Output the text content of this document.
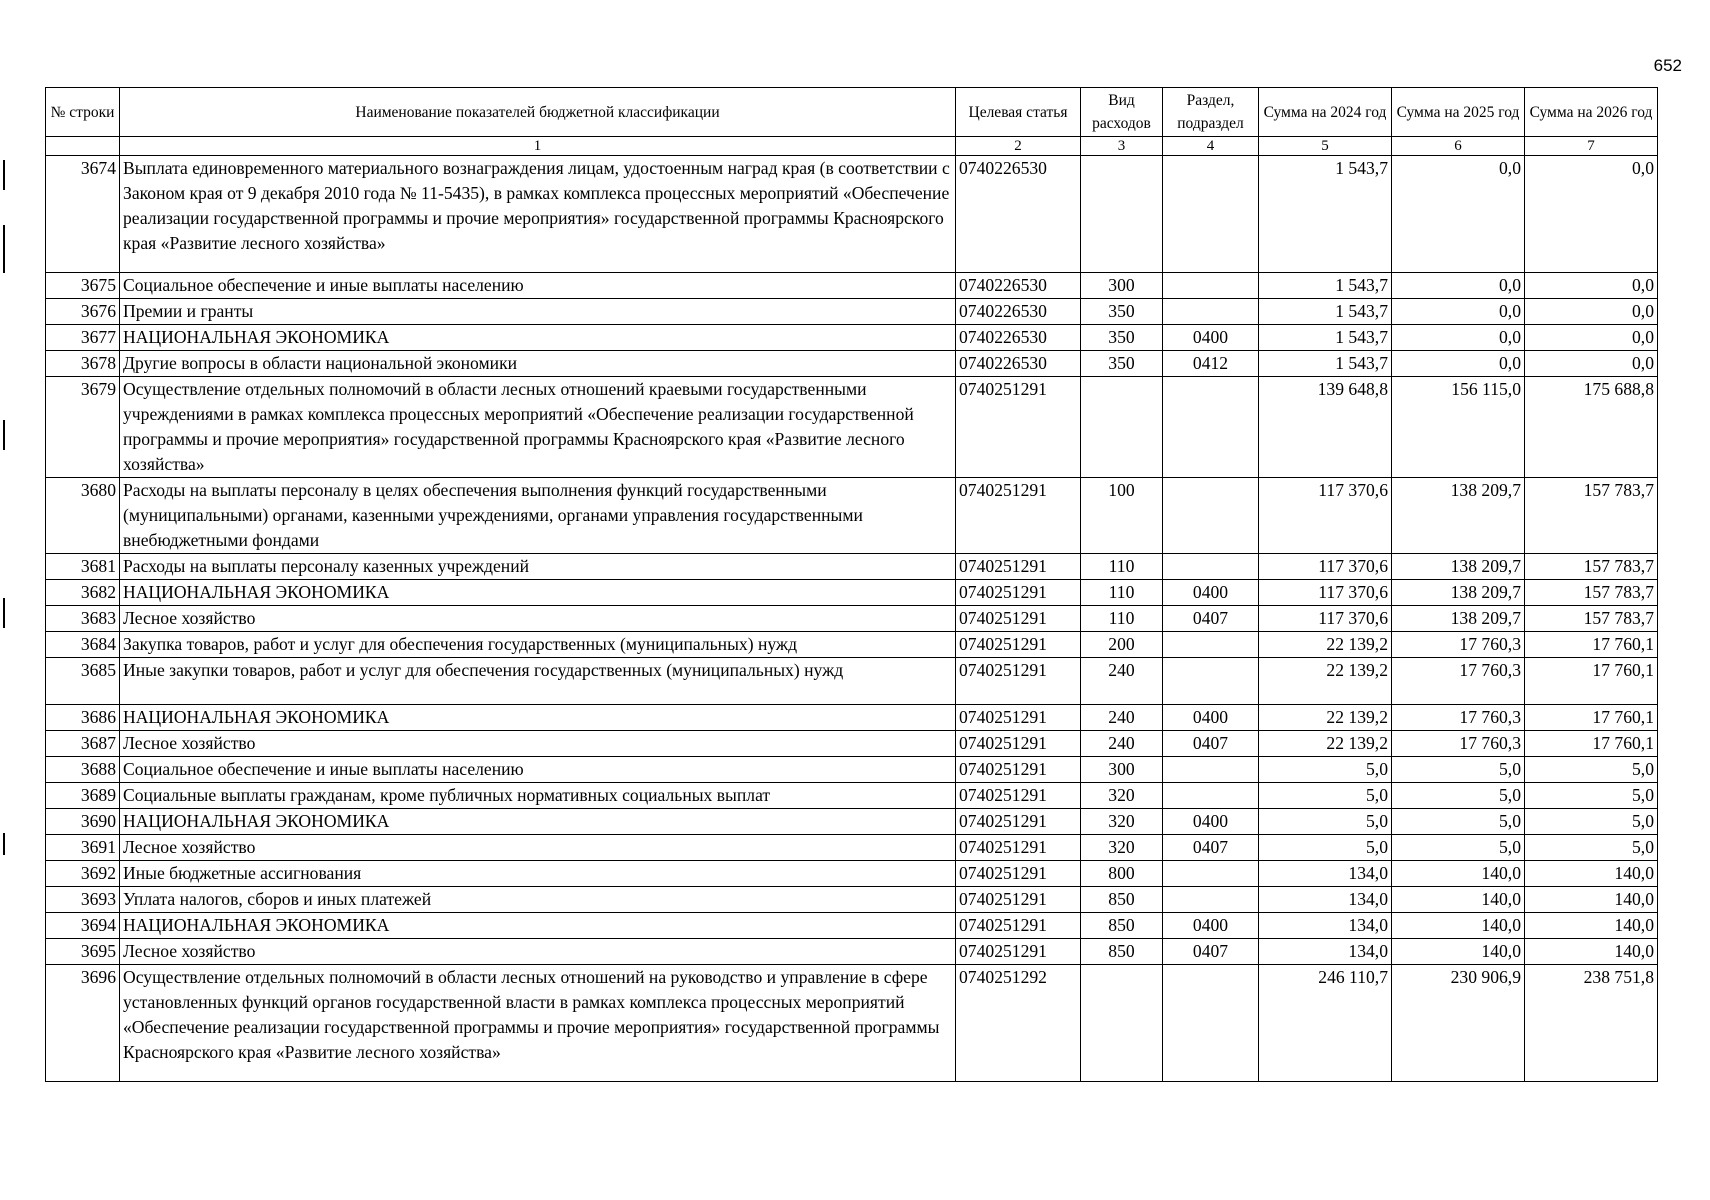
652
№ строки	Наименование показателей бюджетной классификации	Целевая статья	Вид расходов	Раздел, подраздел	Сумма на 2024 год	Сумма на 2025 год	Сумма на 2026 год
	1	2	3	4	5	6	7
3674	Выплата единовременного материального вознаграждения лицам, удостоенным наград края (в соответствии с Законом края от 9 декабря 2010 года № 11-5435), в рамках комплекса процессных мероприятий «Обеспечение реализации государственной программы и прочие мероприятия» государственной программы Красноярского края «Развитие лесного хозяйства»	0740226530			1 543,7	0,0	0,0
3675	Социальное обеспечение и иные выплаты населению	0740226530	300		1 543,7	0,0	0,0
3676	Премии и гранты	0740226530	350		1 543,7	0,0	0,0
3677	НАЦИОНАЛЬНАЯ ЭКОНОМИКА	0740226530	350	0400	1 543,7	0,0	0,0
3678	Другие вопросы в области национальной экономики	0740226530	350	0412	1 543,7	0,0	0,0
3679	Осуществление отдельных полномочий в области лесных отношений краевыми государственными учреждениями в рамках комплекса процессных мероприятий «Обеспечение реализации государственной программы и прочие мероприятия» государственной программы Красноярского края «Развитие лесного хозяйства»	0740251291			139 648,8	156 115,0	175 688,8
3680	Расходы на выплаты персоналу в целях обеспечения выполнения функций государственными (муниципальными) органами, казенными учреждениями, органами управления государственными внебюджетными фондами	0740251291	100		117 370,6	138 209,7	157 783,7
3681	Расходы на выплаты персоналу казенных учреждений	0740251291	110		117 370,6	138 209,7	157 783,7
3682	НАЦИОНАЛЬНАЯ ЭКОНОМИКА	0740251291	110	0400	117 370,6	138 209,7	157 783,7
3683	Лесное хозяйство	0740251291	110	0407	117 370,6	138 209,7	157 783,7
3684	Закупка товаров, работ и услуг для обеспечения государственных (муниципальных) нужд	0740251291	200		22 139,2	17 760,3	17 760,1
3685	Иные закупки товаров, работ и услуг для обеспечения государственных (муниципальных) нужд	0740251291	240		22 139,2	17 760,3	17 760,1
3686	НАЦИОНАЛЬНАЯ ЭКОНОМИКА	0740251291	240	0400	22 139,2	17 760,3	17 760,1
3687	Лесное хозяйство	0740251291	240	0407	22 139,2	17 760,3	17 760,1
3688	Социальное обеспечение и иные выплаты населению	0740251291	300		5,0	5,0	5,0
3689	Социальные выплаты гражданам, кроме публичных нормативных социальных выплат	0740251291	320		5,0	5,0	5,0
3690	НАЦИОНАЛЬНАЯ ЭКОНОМИКА	0740251291	320	0400	5,0	5,0	5,0
3691	Лесное хозяйство	0740251291	320	0407	5,0	5,0	5,0
3692	Иные бюджетные ассигнования	0740251291	800		134,0	140,0	140,0
3693	Уплата налогов, сборов и иных платежей	0740251291	850		134,0	140,0	140,0
3694	НАЦИОНАЛЬНАЯ ЭКОНОМИКА	0740251291	850	0400	134,0	140,0	140,0
3695	Лесное хозяйство	0740251291	850	0407	134,0	140,0	140,0
3696	Осуществление отдельных полномочий в области лесных отношений на руководство и управление в сфере установленных функций органов государственной власти в рамках комплекса процессных мероприятий «Обеспечение реализации государственной программы и прочие мероприятия» государственной программы Красноярского края «Развитие лесного хозяйства»	0740251292			246 110,7	230 906,9	238 751,8
